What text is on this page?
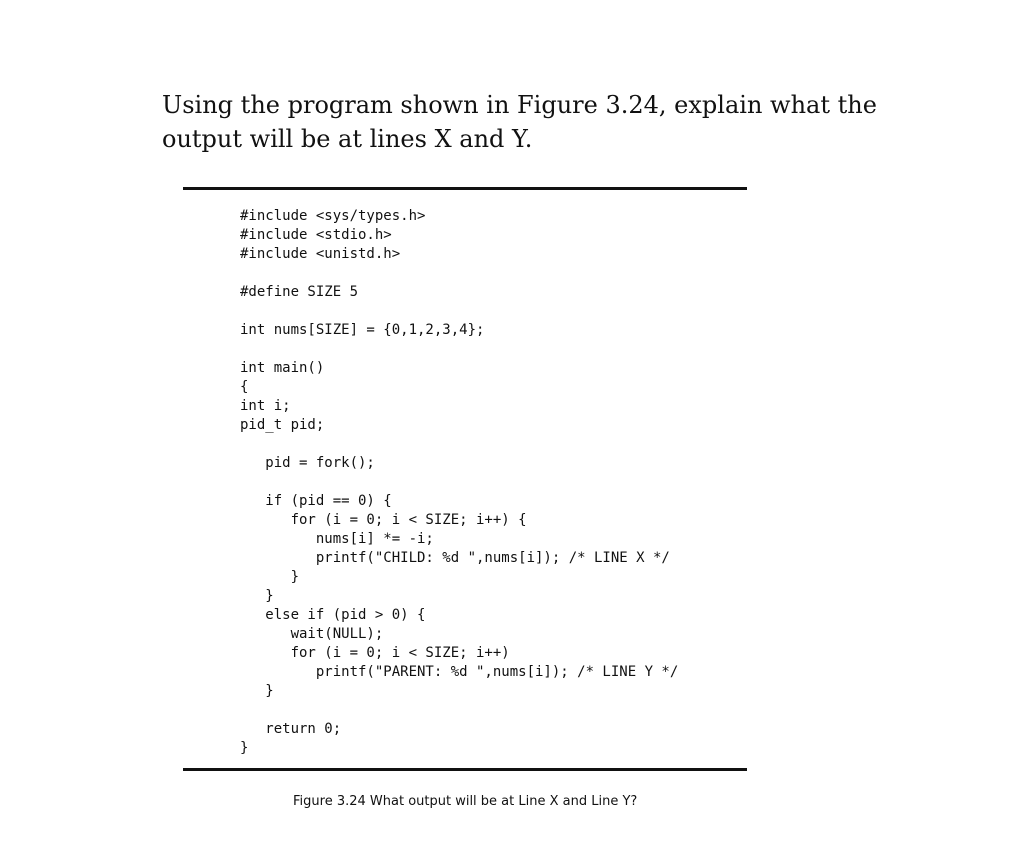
Using the program shown in Figure 3.24, explain what the output will be at lines X and Y.

#include <sys/types.h>
#include <stdio.h>
#include <unistd.h>

#define SIZE 5

int nums[SIZE] = {0,1,2,3,4};

int main()
{
int i;
pid_t pid;

pid = fork();

if (pid == 0) {
for (i = 0; i < SIZE; i++) {
nums[i] *= -i;
printf("CHILD: %d ",nums[i]); /* LINE X */
}
}
else if (pid > 0) {
wait(NULL);
for (i = 0; i < SIZE; i++)
printf("PARENT: %d ",nums[i]); /* LINE Y */
}

return 0;
}

Figure 3.24 What output will be at Line X and Line Y?
